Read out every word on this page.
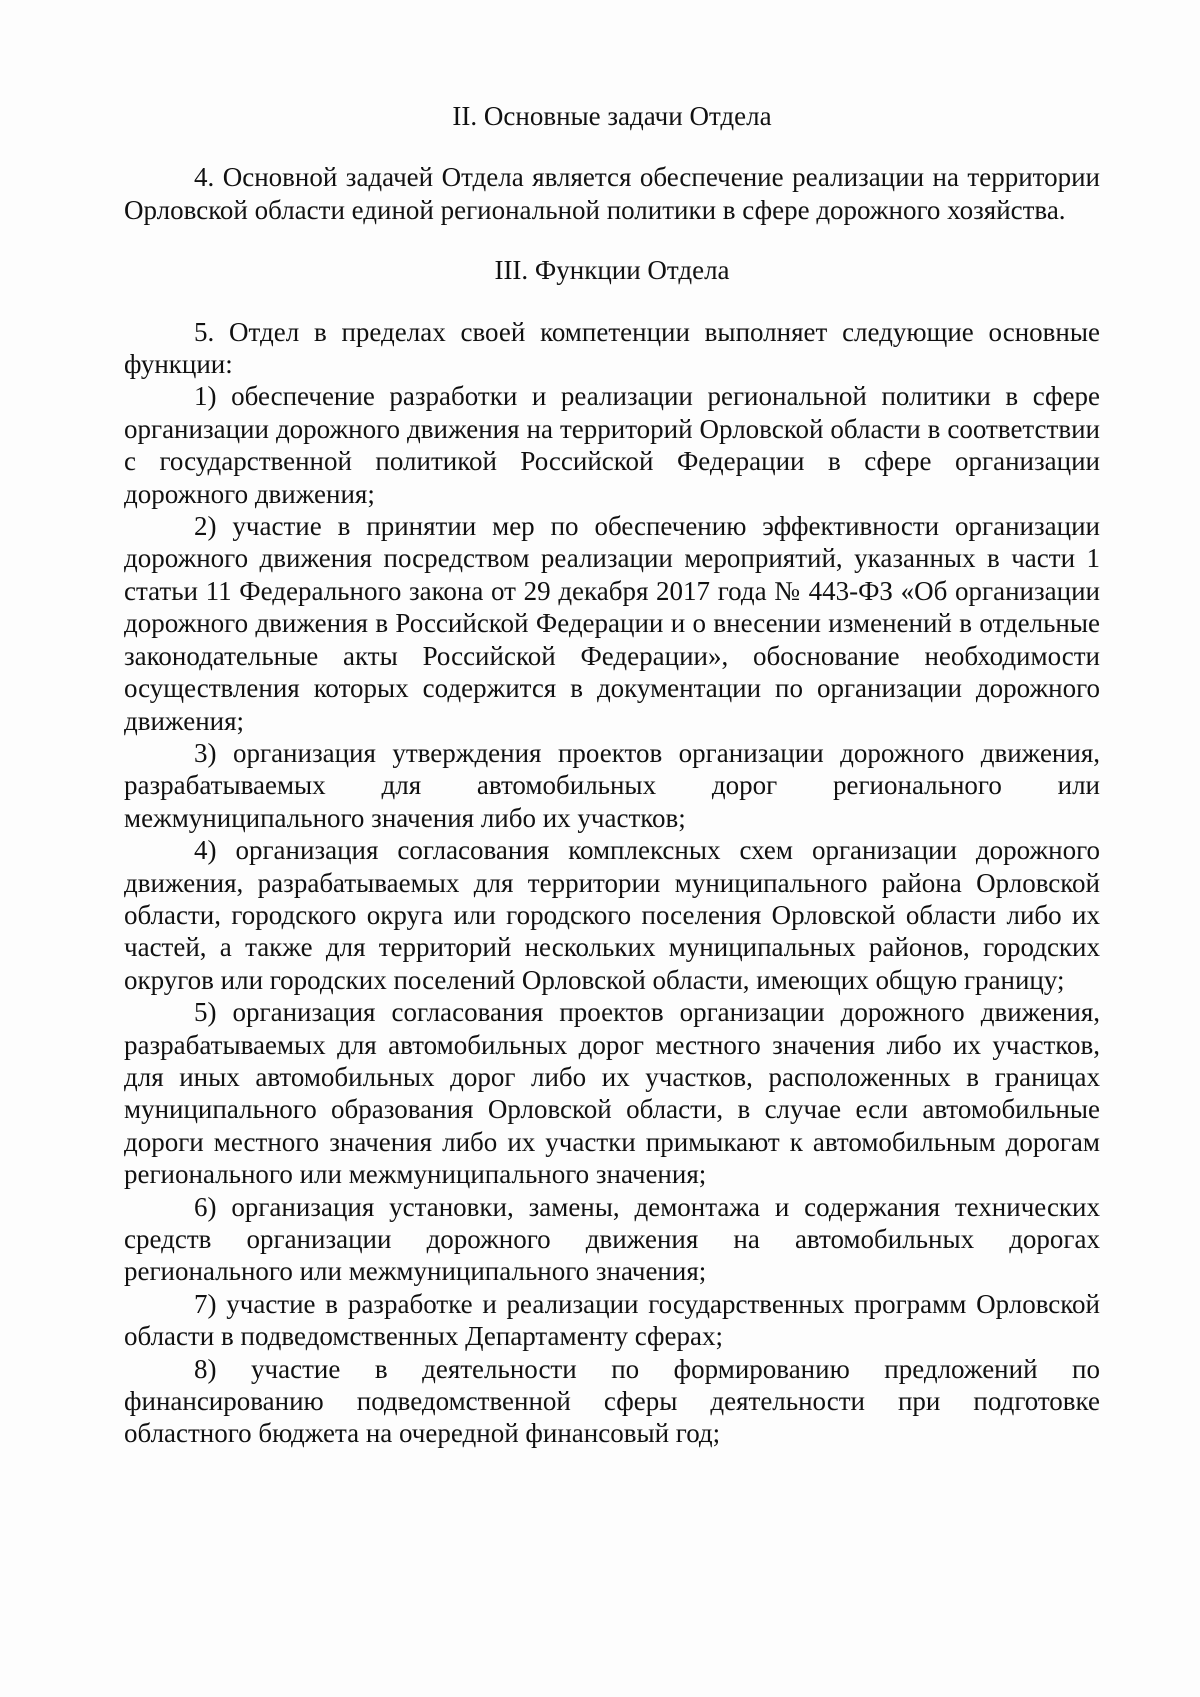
II. Основные задачи Отдела

4. Основной задачей Отдела является обеспечение реализации на территории Орловской области единой региональной политики в сфере дорожного хозяйства.

III. Функции Отдела

5. Отдел в пределах своей компетенции выполняет следующие основные функции:

1) обеспечение разработки и реализации региональной политики в сфере организации дорожного движения на территорий Орловской области в соответствии с государственной политикой Российской Федерации в сфере организации дорожного движения;

2) участие в принятии мер по обеспечению эффективности организации дорожного движения посредством реализации мероприятий, указанных в части 1 статьи 11 Федерального закона от 29 декабря 2017 года № 443-ФЗ «Об организации дорожного движения в Российской Федерации и о внесении изменений в отдельные законодательные акты Российской Федерации», обоснование необходимости осуществления которых содержится в документации по организации дорожного движения;

3) организация утверждения проектов организации дорожного движения, разрабатываемых для автомобильных дорог регионального или межмуниципального значения либо их участков;

4) организация согласования комплексных схем организации дорожного движения, разрабатываемых для территории муниципального района Орловской области, городского округа или городского поселения Орловской области либо их частей, а также для территорий нескольких муниципальных районов, городских округов или городских поселений Орловской области, имеющих общую границу;

5) организация согласования проектов организации дорожного движения, разрабатываемых для автомобильных дорог местного значения либо их участков, для иных автомобильных дорог либо их участков, расположенных в границах муниципального образования Орловской области, в случае если автомобильные дороги местного значения либо их участки примыкают к автомобильным дорогам регионального или межмуниципального значения;

6) организация установки, замены, демонтажа и содержания технических средств организации дорожного движения на автомобильных дорогах регионального или межмуниципального значения;

7) участие в разработке и реализации государственных программ Орловской области в подведомственных Департаменту сферах;

8) участие в деятельности по формированию предложений по финансированию подведомственной сферы деятельности при подготовке областного бюджета на очередной финансовый год;
